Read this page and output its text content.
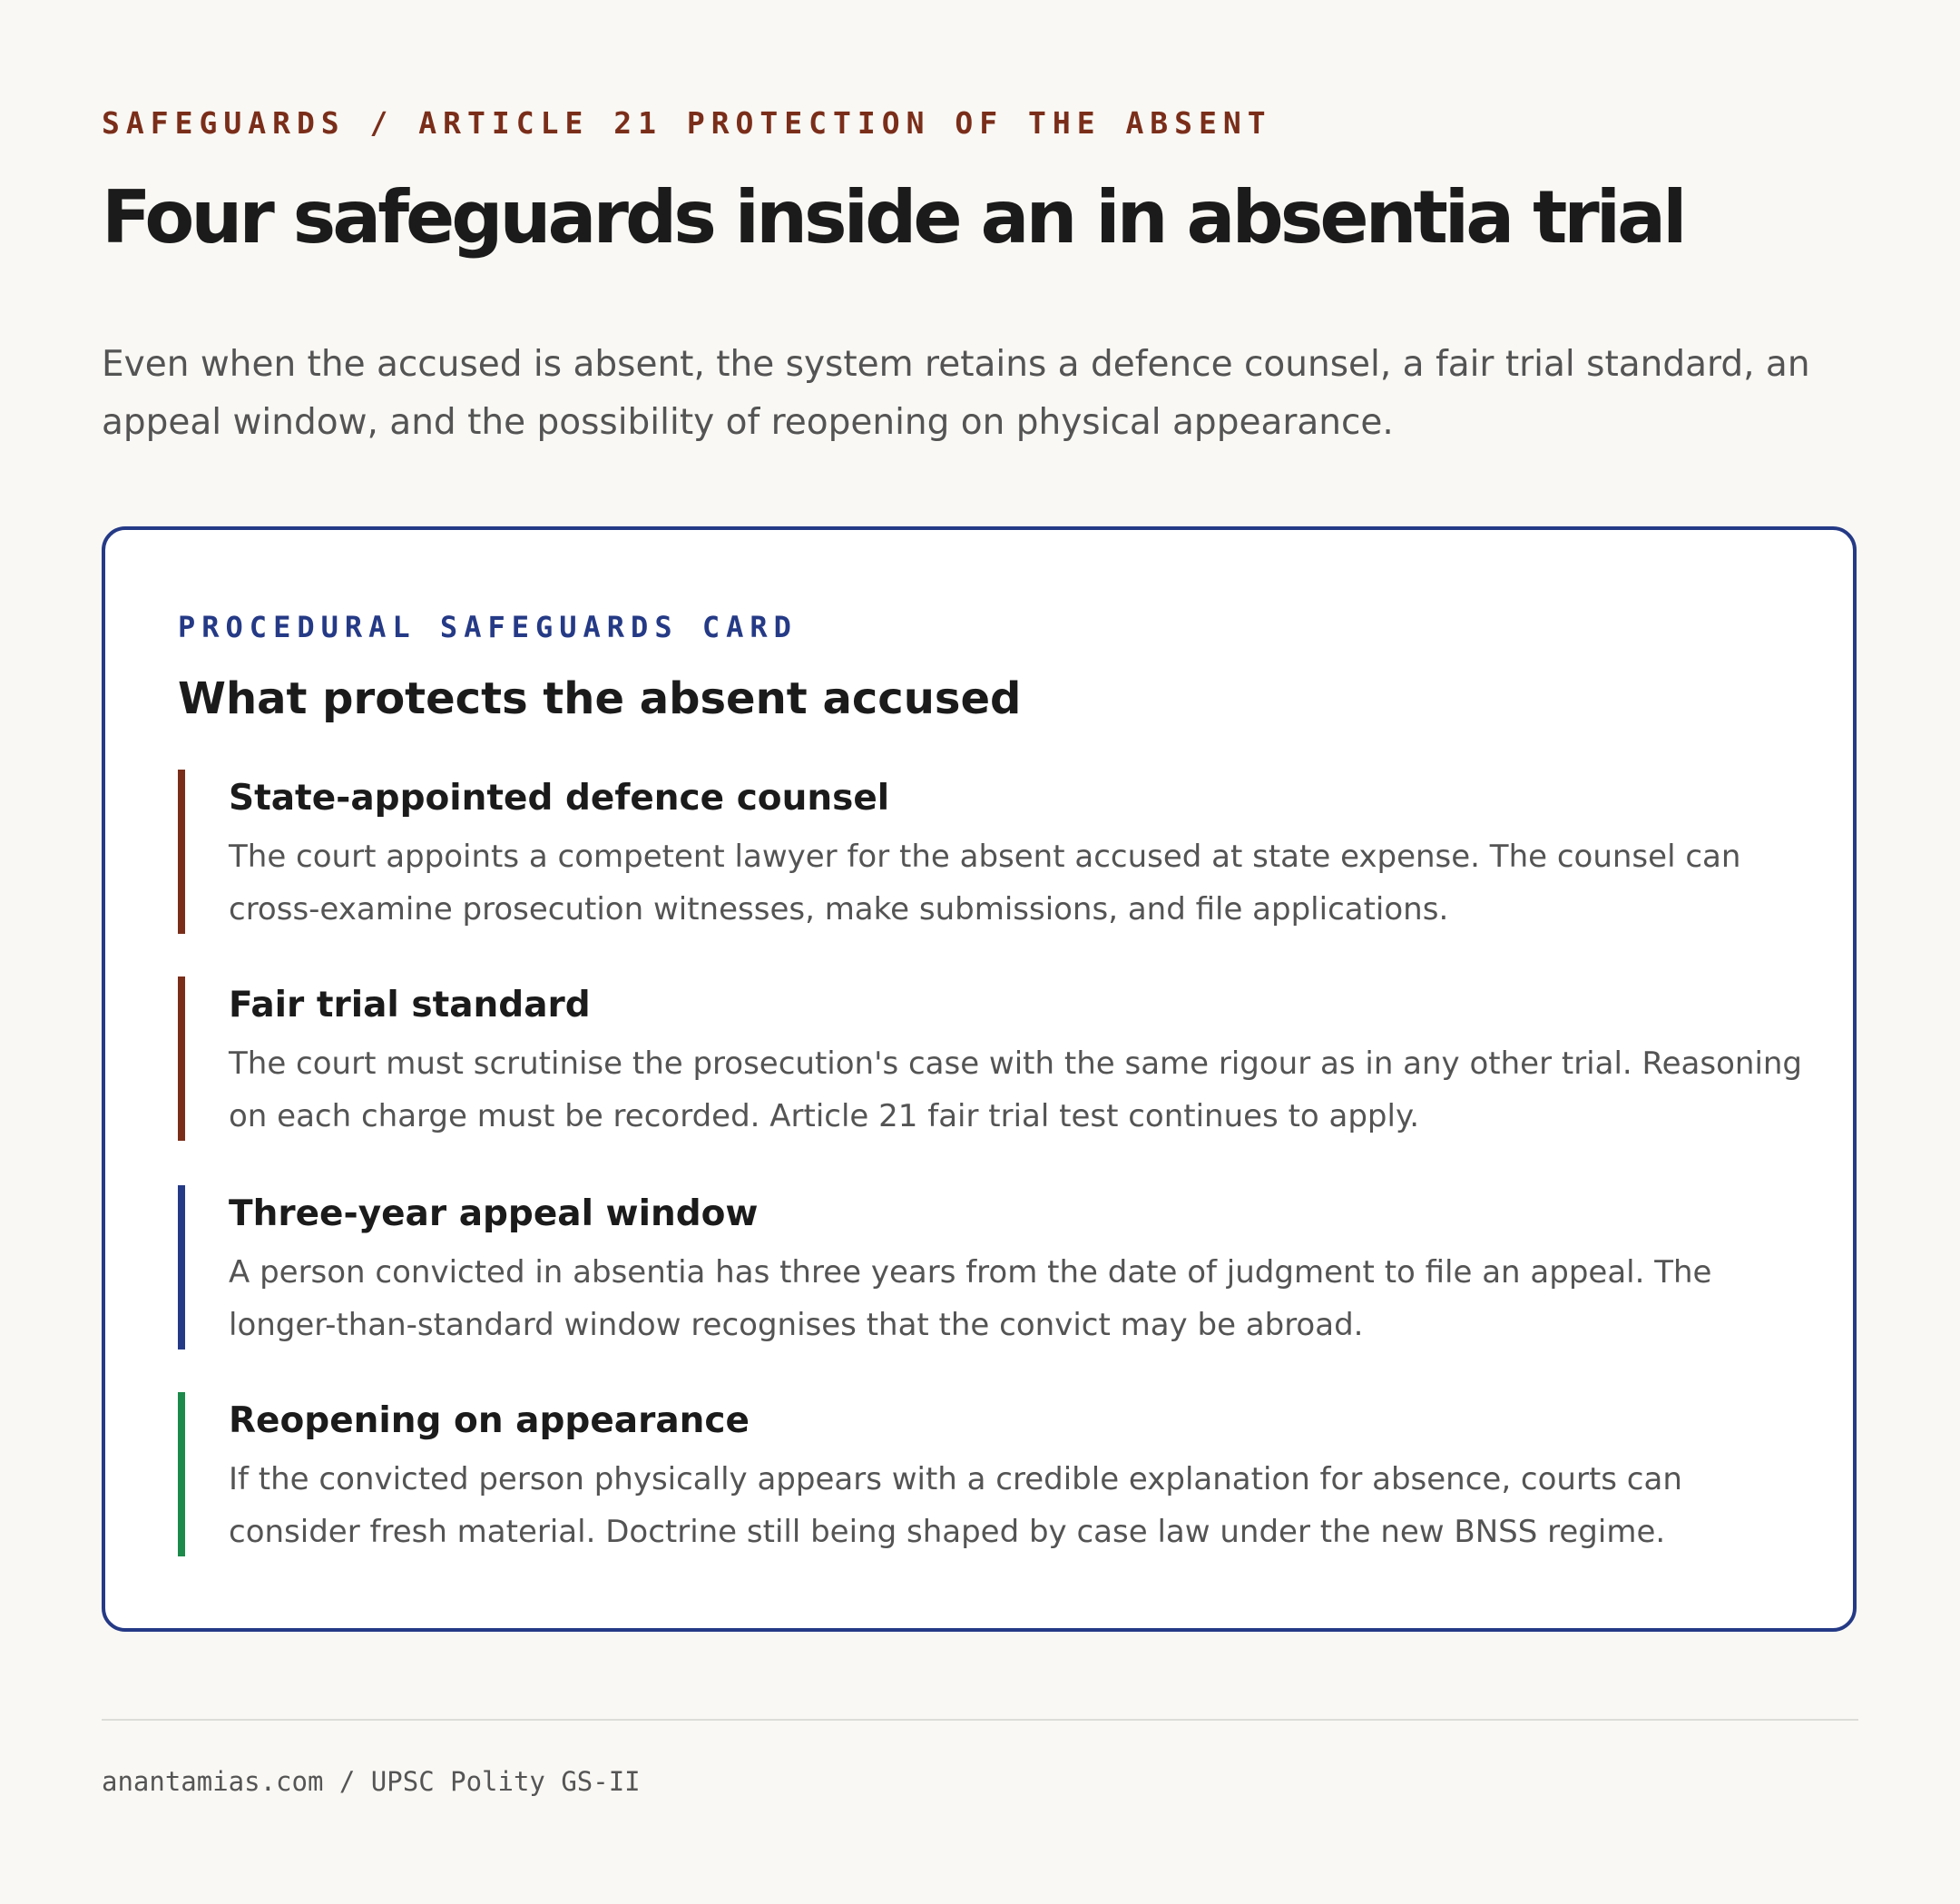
SAFEGUARDS / ARTICLE 21 PROTECTION OF THE ABSENT
Four safeguards inside an in absentia trial

Even when the accused is absent, the system retains a defence counsel, a fair trial standard, an appeal window, and the possibility of reopening on physical appearance.

PROCEDURAL SAFEGUARDS CARD
What protects the absent accused
State-appointed defence counsel

The court appoints a competent lawyer for the absent accused at state expense. The counsel can cross-examine prosecution witnesses, make submissions, and file applications.

Fair trial standard

The court must scrutinise the prosecution's case with the same rigour as in any other trial. Reasoning on each charge must be recorded. Article 21 fair trial test continues to apply.

Three-year appeal window

A person convicted in absentia has three years from the date of judgment to file an appeal. The longer-than-standard window recognises that the convict may be abroad.

Reopening on appearance

If the convicted person physically appears with a credible explanation for absence, courts can consider fresh material. Doctrine still being shaped by case law under the new BNSS regime.

anantamias.com / UPSC Polity GS-II
